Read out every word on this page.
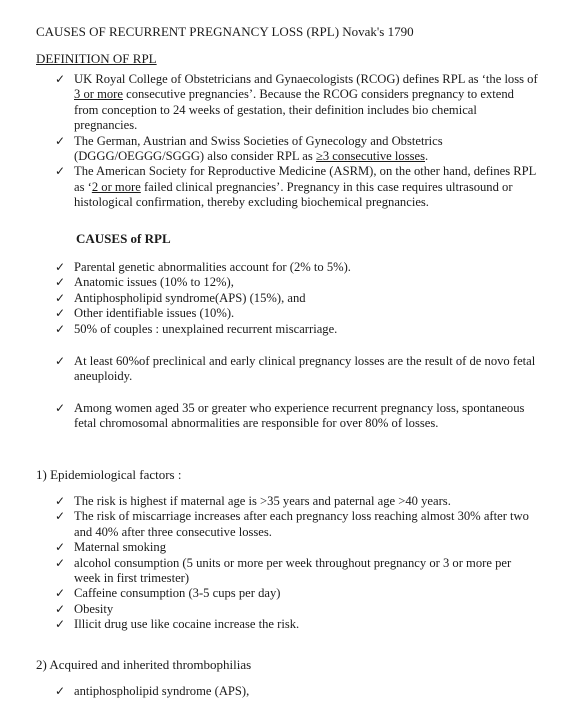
CAUSES OF RECURRENT PREGNANCY LOSS (RPL) Novak's 1790
DEFINITION OF RPL
✓ UK Royal College of Obstetricians and Gynaecologists (RCOG) defines RPL as ‘the loss of 3 or more consecutive pregnancies’. Because the RCOG considers pregnancy to extend from conception to 24 weeks of gestation, their definition includes bio chemical pregnancies.
✓ The German, Austrian and Swiss Societies of Gynecology and Obstetrics (DGGG/OEGGG/SGGG) also consider RPL as ≥3 consecutive losses.
✓ The American Society for Reproductive Medicine (ASRM), on the other hand, defines RPL as ‘2 or more failed clinical pregnancies’. Pregnancy in this case requires ultrasound or histological confirmation, thereby excluding biochemical pregnancies.
CAUSES of RPL
✓ Parental genetic abnormalities account for (2% to 5%).
✓ Anatomic issues (10% to 12%),
✓ Antiphospholipid syndrome(APS) (15%), and
✓ Other identifiable issues (10%).
✓ 50% of couples : unexplained recurrent miscarriage.
✓ At least 60%of preclinical and early clinical pregnancy losses are the result of de novo fetal aneuploidy.
✓ Among women aged 35 or greater who experience recurrent pregnancy loss, spontaneous fetal chromosomal abnormalities are responsible for over 80% of losses.
1) Epidemiological factors :
✓ The risk is highest if maternal age is >35 years and paternal age >40 years.
✓ The risk of miscarriage increases after each pregnancy loss reaching almost 30% after two and 40% after three consecutive losses.
✓ Maternal smoking
✓ alcohol consumption (5 units or more per week throughout pregnancy or 3 or more per week in first trimester)
✓ Caffeine consumption (3-5 cups per day)
✓ Obesity
✓ Illicit drug use like cocaine increase the risk.
2) Acquired and inherited thrombophilias
✓ antiphospholipid syndrome (APS),
